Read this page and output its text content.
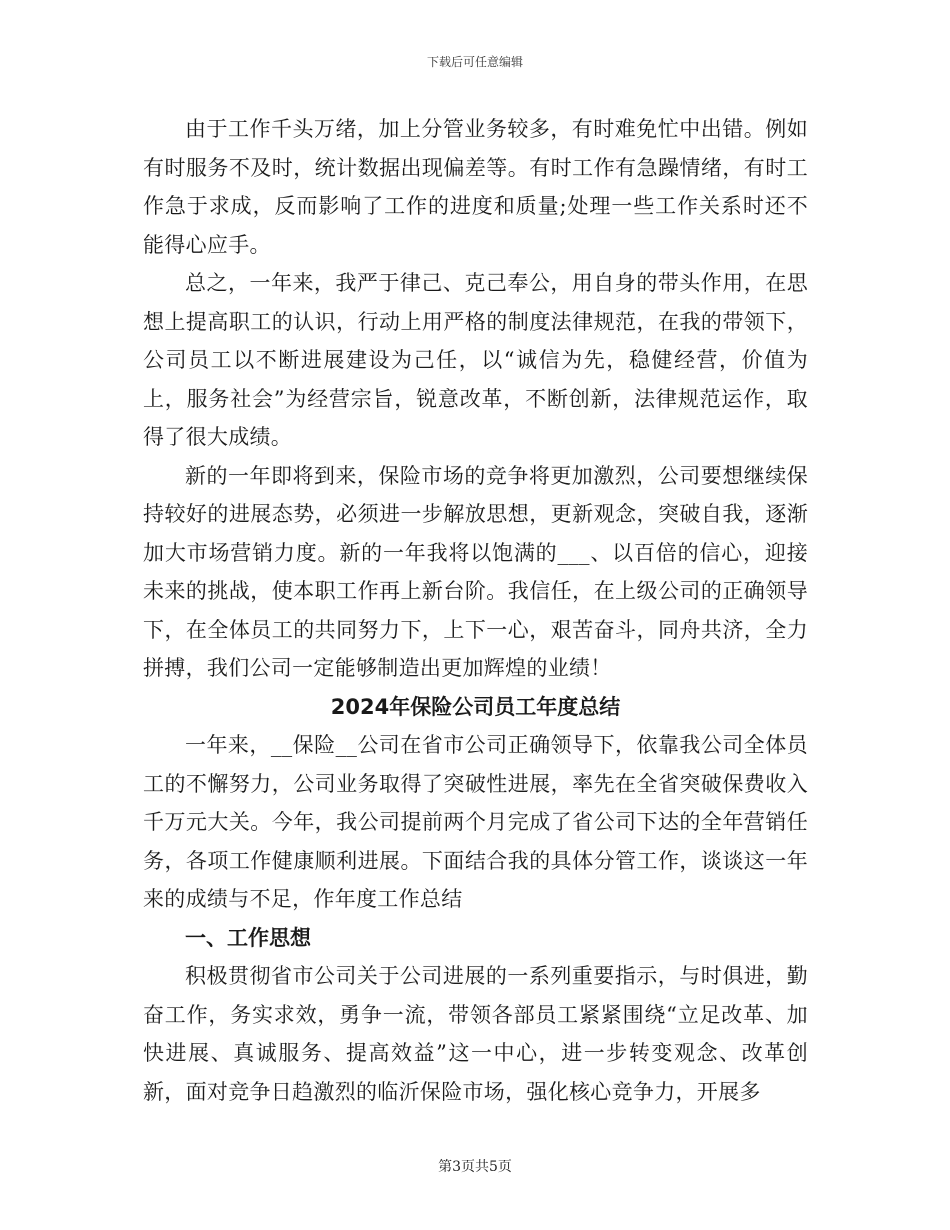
下载后可任意编辑

由于工作千头万绪，加上分管业务较多，有时难免忙中出错。例如有时服务不及时，统计数据出现偏差等。有时工作有急躁情绪，有时工作急于求成，反而影响了工作的进度和质量;处理一些工作关系时还不能得心应手。

总之，一年来，我严于律己、克己奉公，用自身的带头作用，在思想上提高职工的认识，行动上用严格的制度法律规范，在我的带领下，公司员工以不断进展建设为己任，以“诚信为先，稳健经营，价值为上，服务社会”为经营宗旨，锐意改革，不断创新，法律规范运作，取得了很大成绩。

新的一年即将到来，保险市场的竞争将更加激烈，公司要想继续保持较好的进展态势，必须进一步解放思想，更新观念，突破自我，逐渐加大市场营销力度。新的一年我将以饱满的___、以百倍的信心，迎接未来的挑战，使本职工作再上新台阶。我信任，在上级公司的正确领导下，在全体员工的共同努力下，上下一心，艰苦奋斗，同舟共济，全力拼搏，我们公司一定能够制造出更加辉煌的业绩！

2024年保险公司员工年度总结

一年来，__保险__公司在省市公司正确领导下，依靠我公司全体员工的不懈努力，公司业务取得了突破性进展，率先在全省突破保费收入千万元大关。今年，我公司提前两个月完成了省公司下达的全年营销任务，各项工作健康顺利进展。下面结合我的具体分管工作，谈谈这一年来的成绩与不足，作年度工作总结

一、工作思想

积极贯彻省市公司关于公司进展的一系列重要指示，与时俱进，勤奋工作，务实求效，勇争一流，带领各部员工紧紧围绕“立足改革、加快进展、真诚服务、提高效益”这一中心，进一步转变观念、改革创新，面对竞争日趋激烈的临沂保险市场，强化核心竞争力，开展多

第3页共5页
